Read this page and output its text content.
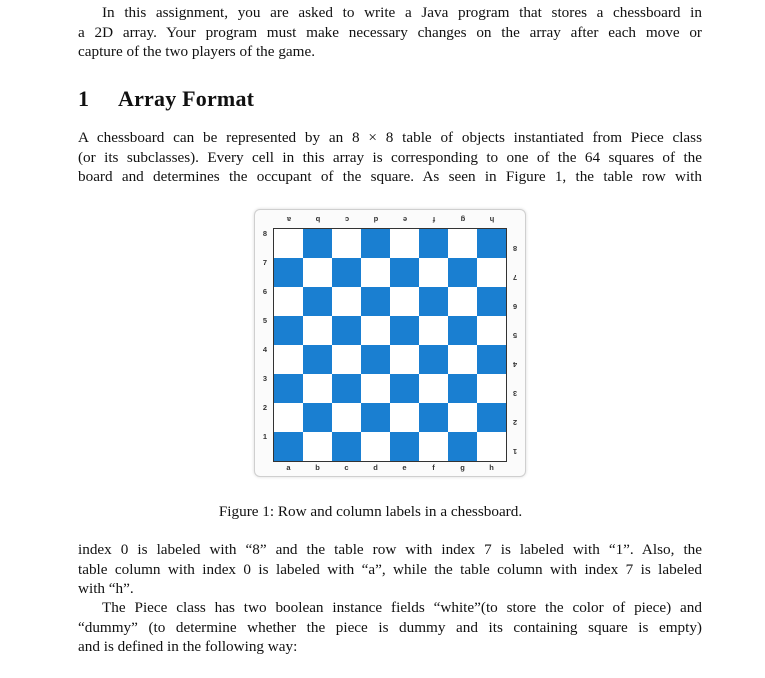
In this assignment, you are asked to write a Java program that stores a chessboard in
a 2D array. Your program must make necessary changes on the array after each move or
capture of the two players of the game.
1 Array Format
A chessboard can be represented by an 8 × 8 table of objects instantiated from Piece class
(or its subclasses). Every cell in this array is corresponding to one of the 64 squares of the
board and determines the occupant of the square. As seen in Figure 1, the table row with
a
a
8
8
b
b
7
7
c
c
6
6
d
d
5
5
e
e
4
4
f
f
3
3
g
g
2
2
h
h
1
1

Figure 1: Row and column labels in a chessboard.

index 0 is labeled with “8” and the table row with index 7 is labeled with “1”. Also, the
table column with index 0 is labeled with “a”, while the table column with index 7 is labeled
with “h”.
The Piece class has two boolean instance fields “white”(to store the color of piece) and
“dummy” (to determine whether the piece is dummy and its containing square is empty)
and is defined in the following way:
